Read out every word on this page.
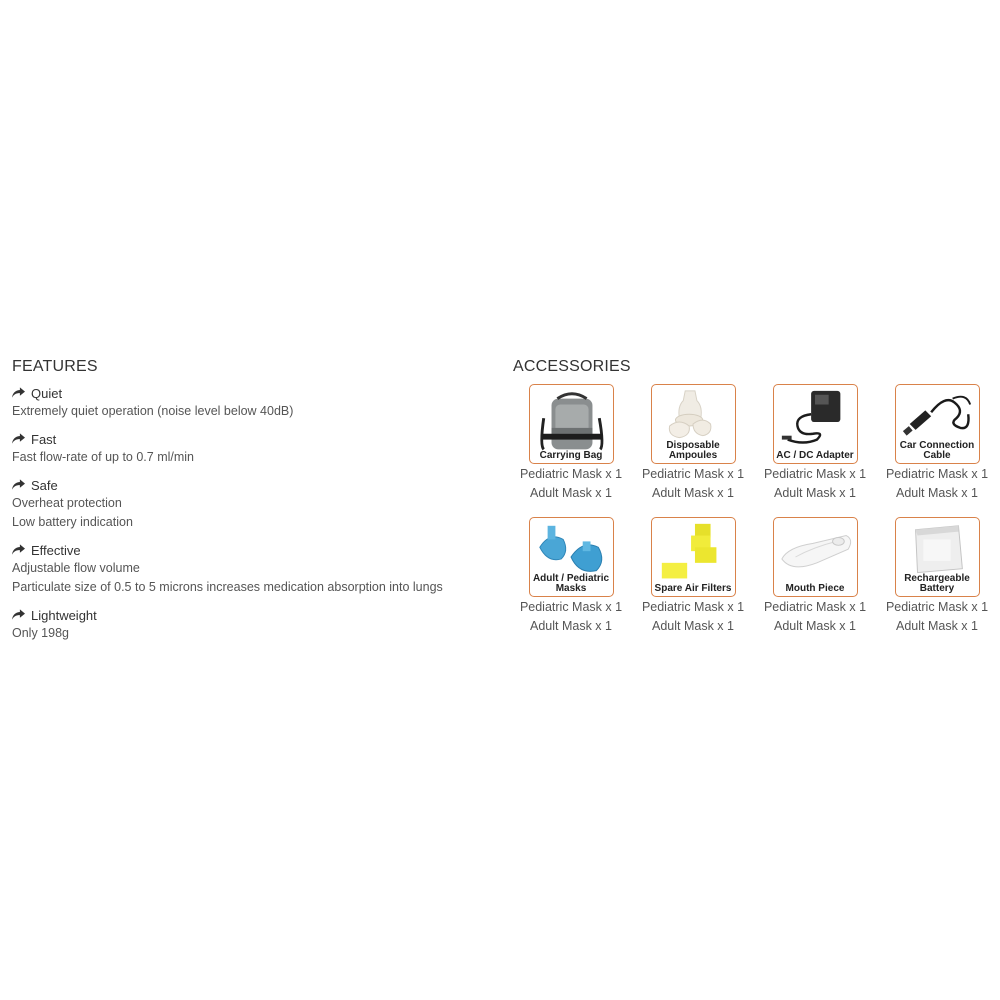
FEATURES
Quiet
Extremely quiet operation (noise level below 40dB)
Fast
Fast flow-rate of up to 0.7 ml/min
Safe
Overheat protection
Low battery indication
Effective
Adjustable flow volume
Particulate size of 0.5 to 5 microns increases medication absorption into lungs
Lightweight
Only 198g
ACCESSORIES
Carrying Bag
Pediatric Mask x 1
Adult Mask x 1
Disposable Ampoules
Pediatric Mask x 1
Adult Mask x 1
AC / DC Adapter
Pediatric Mask x 1
Adult Mask x 1
Car Connection Cable
Pediatric Mask x 1
Adult Mask x 1
Adult / Pediatric Masks
Pediatric Mask x 1
Adult Mask x 1
Spare Air Filters
Pediatric Mask x 1
Adult Mask x 1
Mouth Piece
Pediatric Mask x 1
Adult Mask x 1
Rechargeable Battery
Pediatric Mask x 1
Adult Mask x 1
